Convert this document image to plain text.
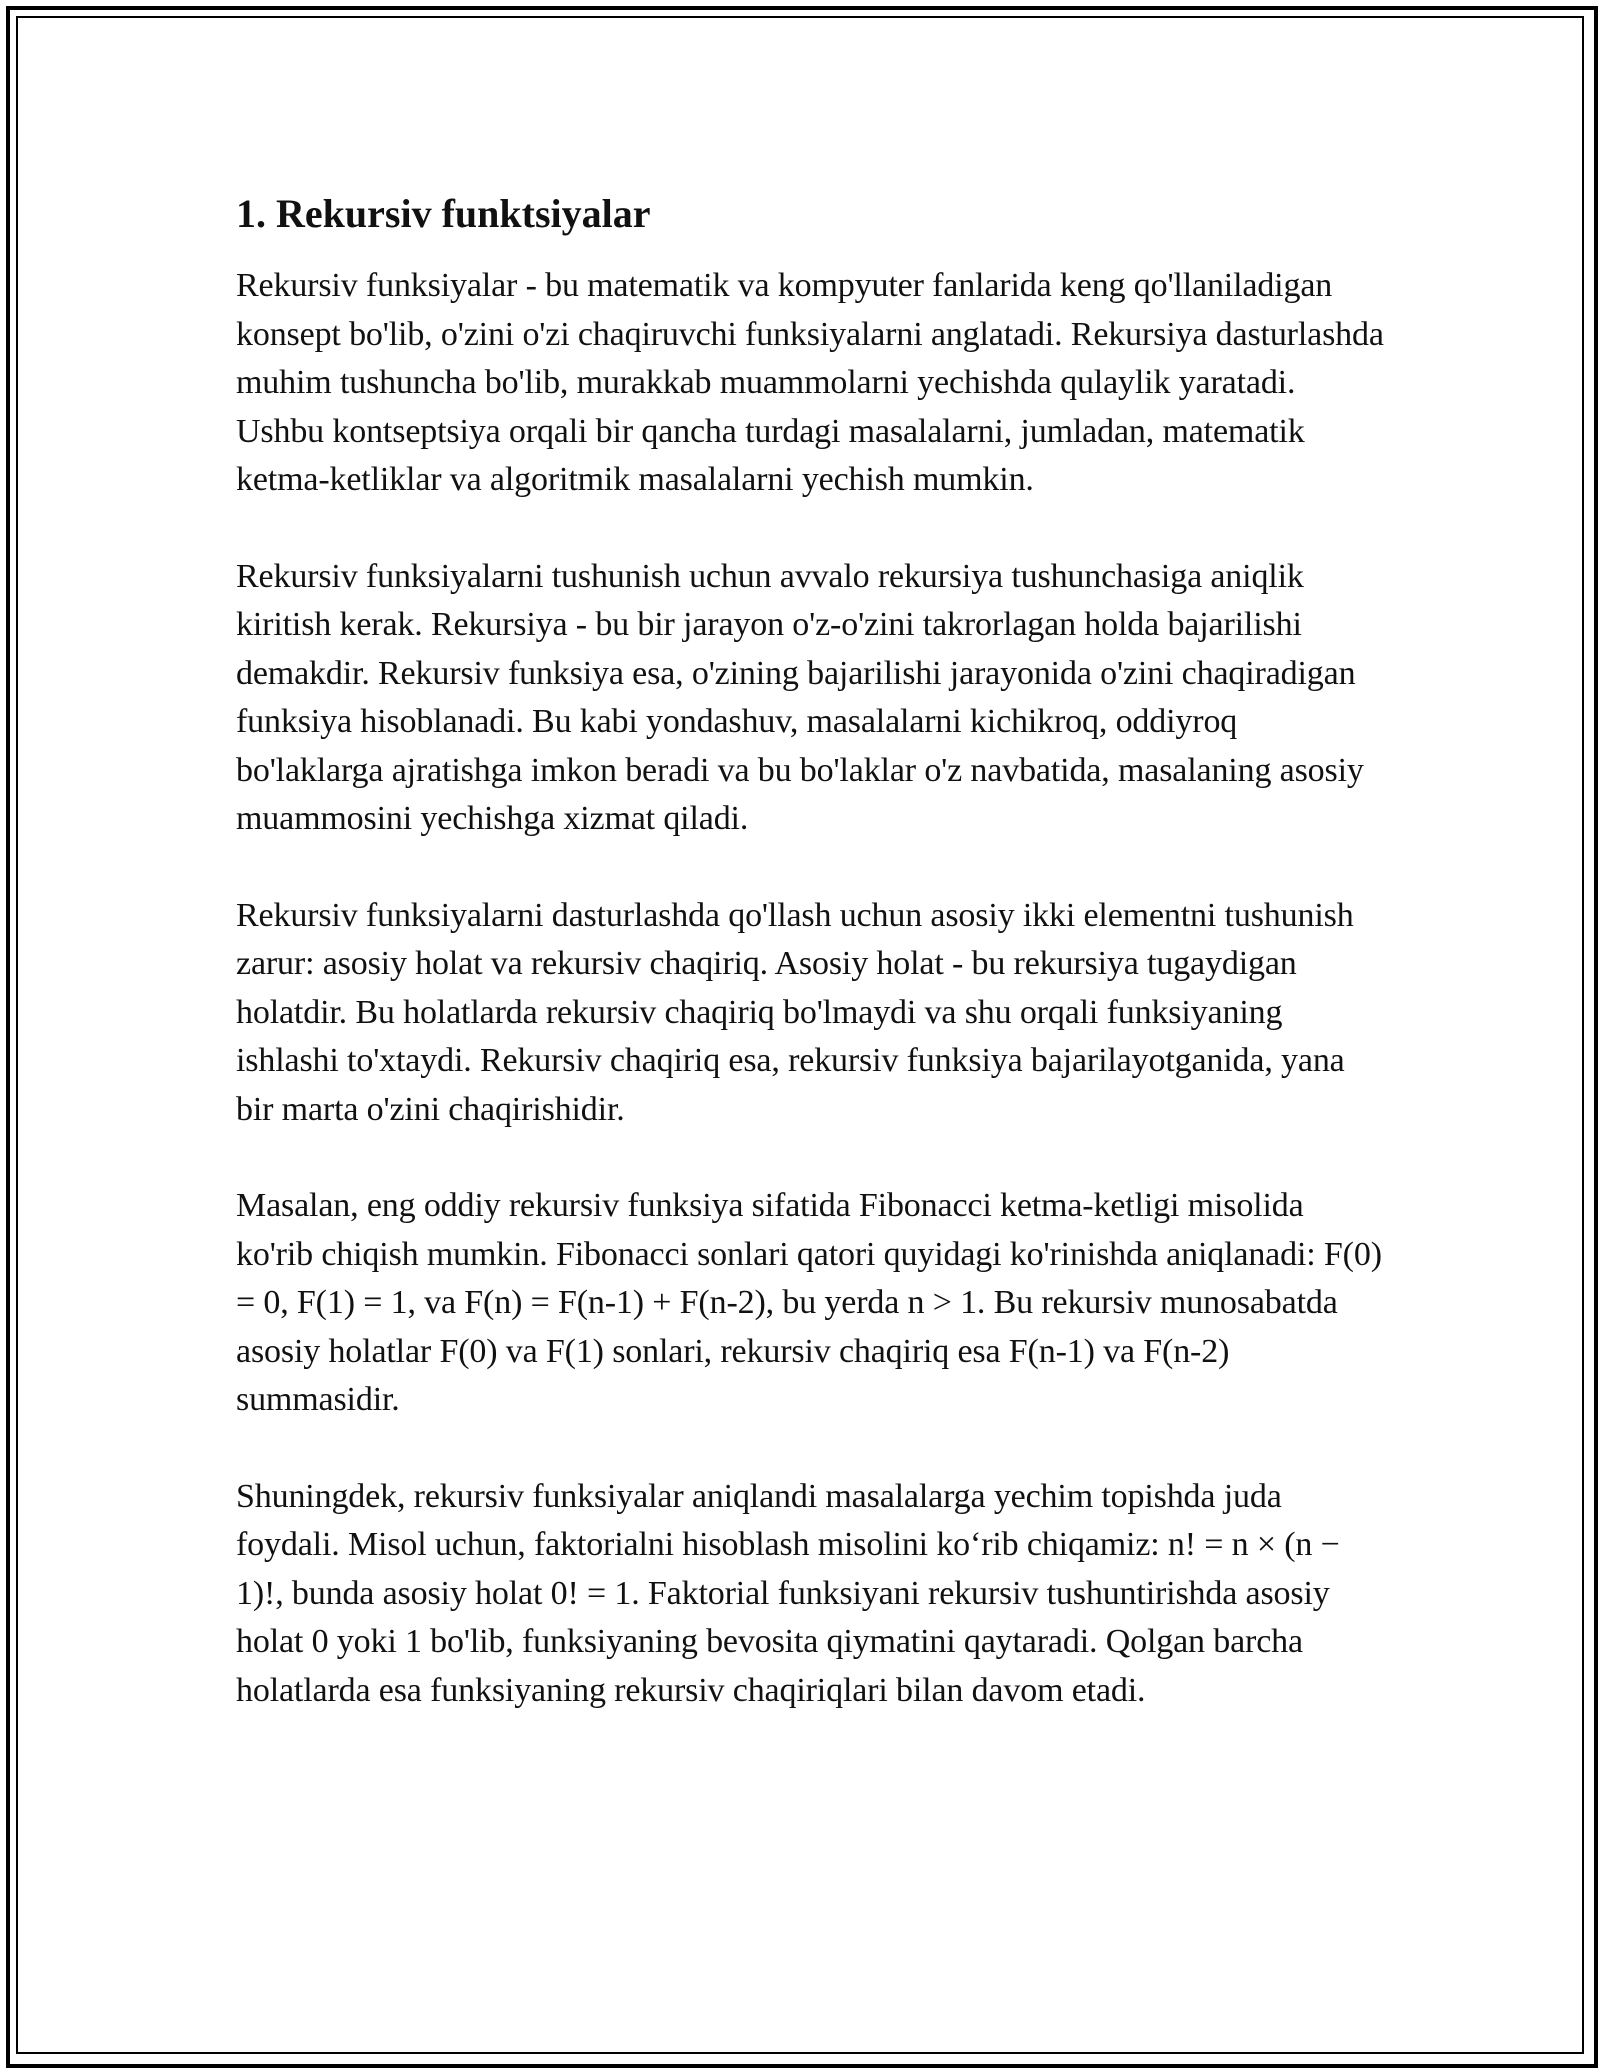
1. Rekursiv funktsiyalar

Rekursiv funksiyalar - bu matematik va kompyuter fanlarida keng qo'llaniladigan konsept bo'lib, o'zini o'zi chaqiruvchi funksiyalarni anglatadi. Rekursiya dasturlashda muhim tushuncha bo'lib, murakkab muammolarni yechishda qulaylik yaratadi. Ushbu kontseptsiya orqali bir qancha turdagi masalalarni, jumladan, matematik ketma-ketliklar va algoritmik masalalarni yechish mumkin.

Rekursiv funksiyalarni tushunish uchun avvalo rekursiya tushunchasiga aniqlik kiritish kerak. Rekursiya - bu bir jarayon o'z-o'zini takrorlagan holda bajarilishi demakdir. Rekursiv funksiya esa, o'zining bajarilishi jarayonida o'zini chaqiradigan funksiya hisoblanadi. Bu kabi yondashuv, masalalarni kichikroq, oddiyroq bo'laklarga ajratishga imkon beradi va bu bo'laklar o'z navbatida, masalaning asosiy muammosini yechishga xizmat qiladi.

Rekursiv funksiyalarni dasturlashda qo'llash uchun asosiy ikki elementni tushunish zarur: asosiy holat va rekursiv chaqiriq. Asosiy holat - bu rekursiya tugaydigan holatdir. Bu holatlarda rekursiv chaqiriq bo'lmaydi va shu orqali funksiyaning ishlashi to'xtaydi. Rekursiv chaqiriq esa, rekursiv funksiya bajarilayotganida, yana bir marta o'zini chaqirishidir.

Masalan, eng oddiy rekursiv funksiya sifatida Fibonacci ketma-ketligi misolida ko'rib chiqish mumkin. Fibonacci sonlari qatori quyidagi ko'rinishda aniqlanadi: F(0) = 0, F(1) = 1, va F(n) = F(n-1) + F(n-2), bu yerda n > 1. Bu rekursiv munosabatda asosiy holatlar F(0) va F(1) sonlari, rekursiv chaqiriq esa F(n-1) va F(n-2) summasidir.

Shuningdek, rekursiv funksiyalar aniqlandi masalalarga yechim topishda juda foydali. Misol uchun, faktorialni hisoblash misolini ko‘rib chiqamiz: n! = n × (n − 1)!, bunda asosiy holat 0! = 1. Faktorial funksiyani rekursiv tushuntirishda asosiy holat 0 yoki 1 bo'lib, funksiyaning bevosita qiymatini qaytaradi. Qolgan barcha holatlarda esa funksiyaning rekursiv chaqiriqlari bilan davom etadi.
